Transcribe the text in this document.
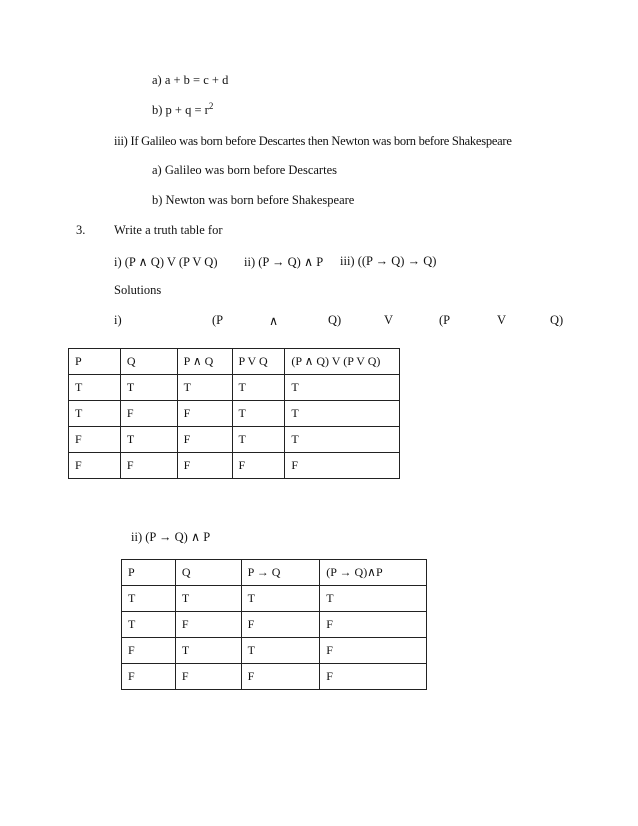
a) a + b = c + d
b) $p + q = r^2$
iii) If Galileo was born before Descartes then Newton was born before Shakespeare
a) Galileo was born before Descartes
b) Newton was born before Shakespeare
3. Write a truth table for
i) (P ∧ Q) V (P V Q) ii) (P → Q) ∧ P iii) ((P → Q) → Q)
Solutions
i)	(P	∧	Q)	V	(P	V	Q)
P	Q	P ∧ Q	P V Q	(P ∧ Q) V (P V Q)
T	T	T	T	T
T	F	F	T	T
F	T	F	T	T
F	F	F	F	F
ii) (P → Q) ∧ P
P	Q	P → Q	(P → Q)∧P
T	T	T	T
T	F	F	F
F	T	T	F
F	F	F	F
